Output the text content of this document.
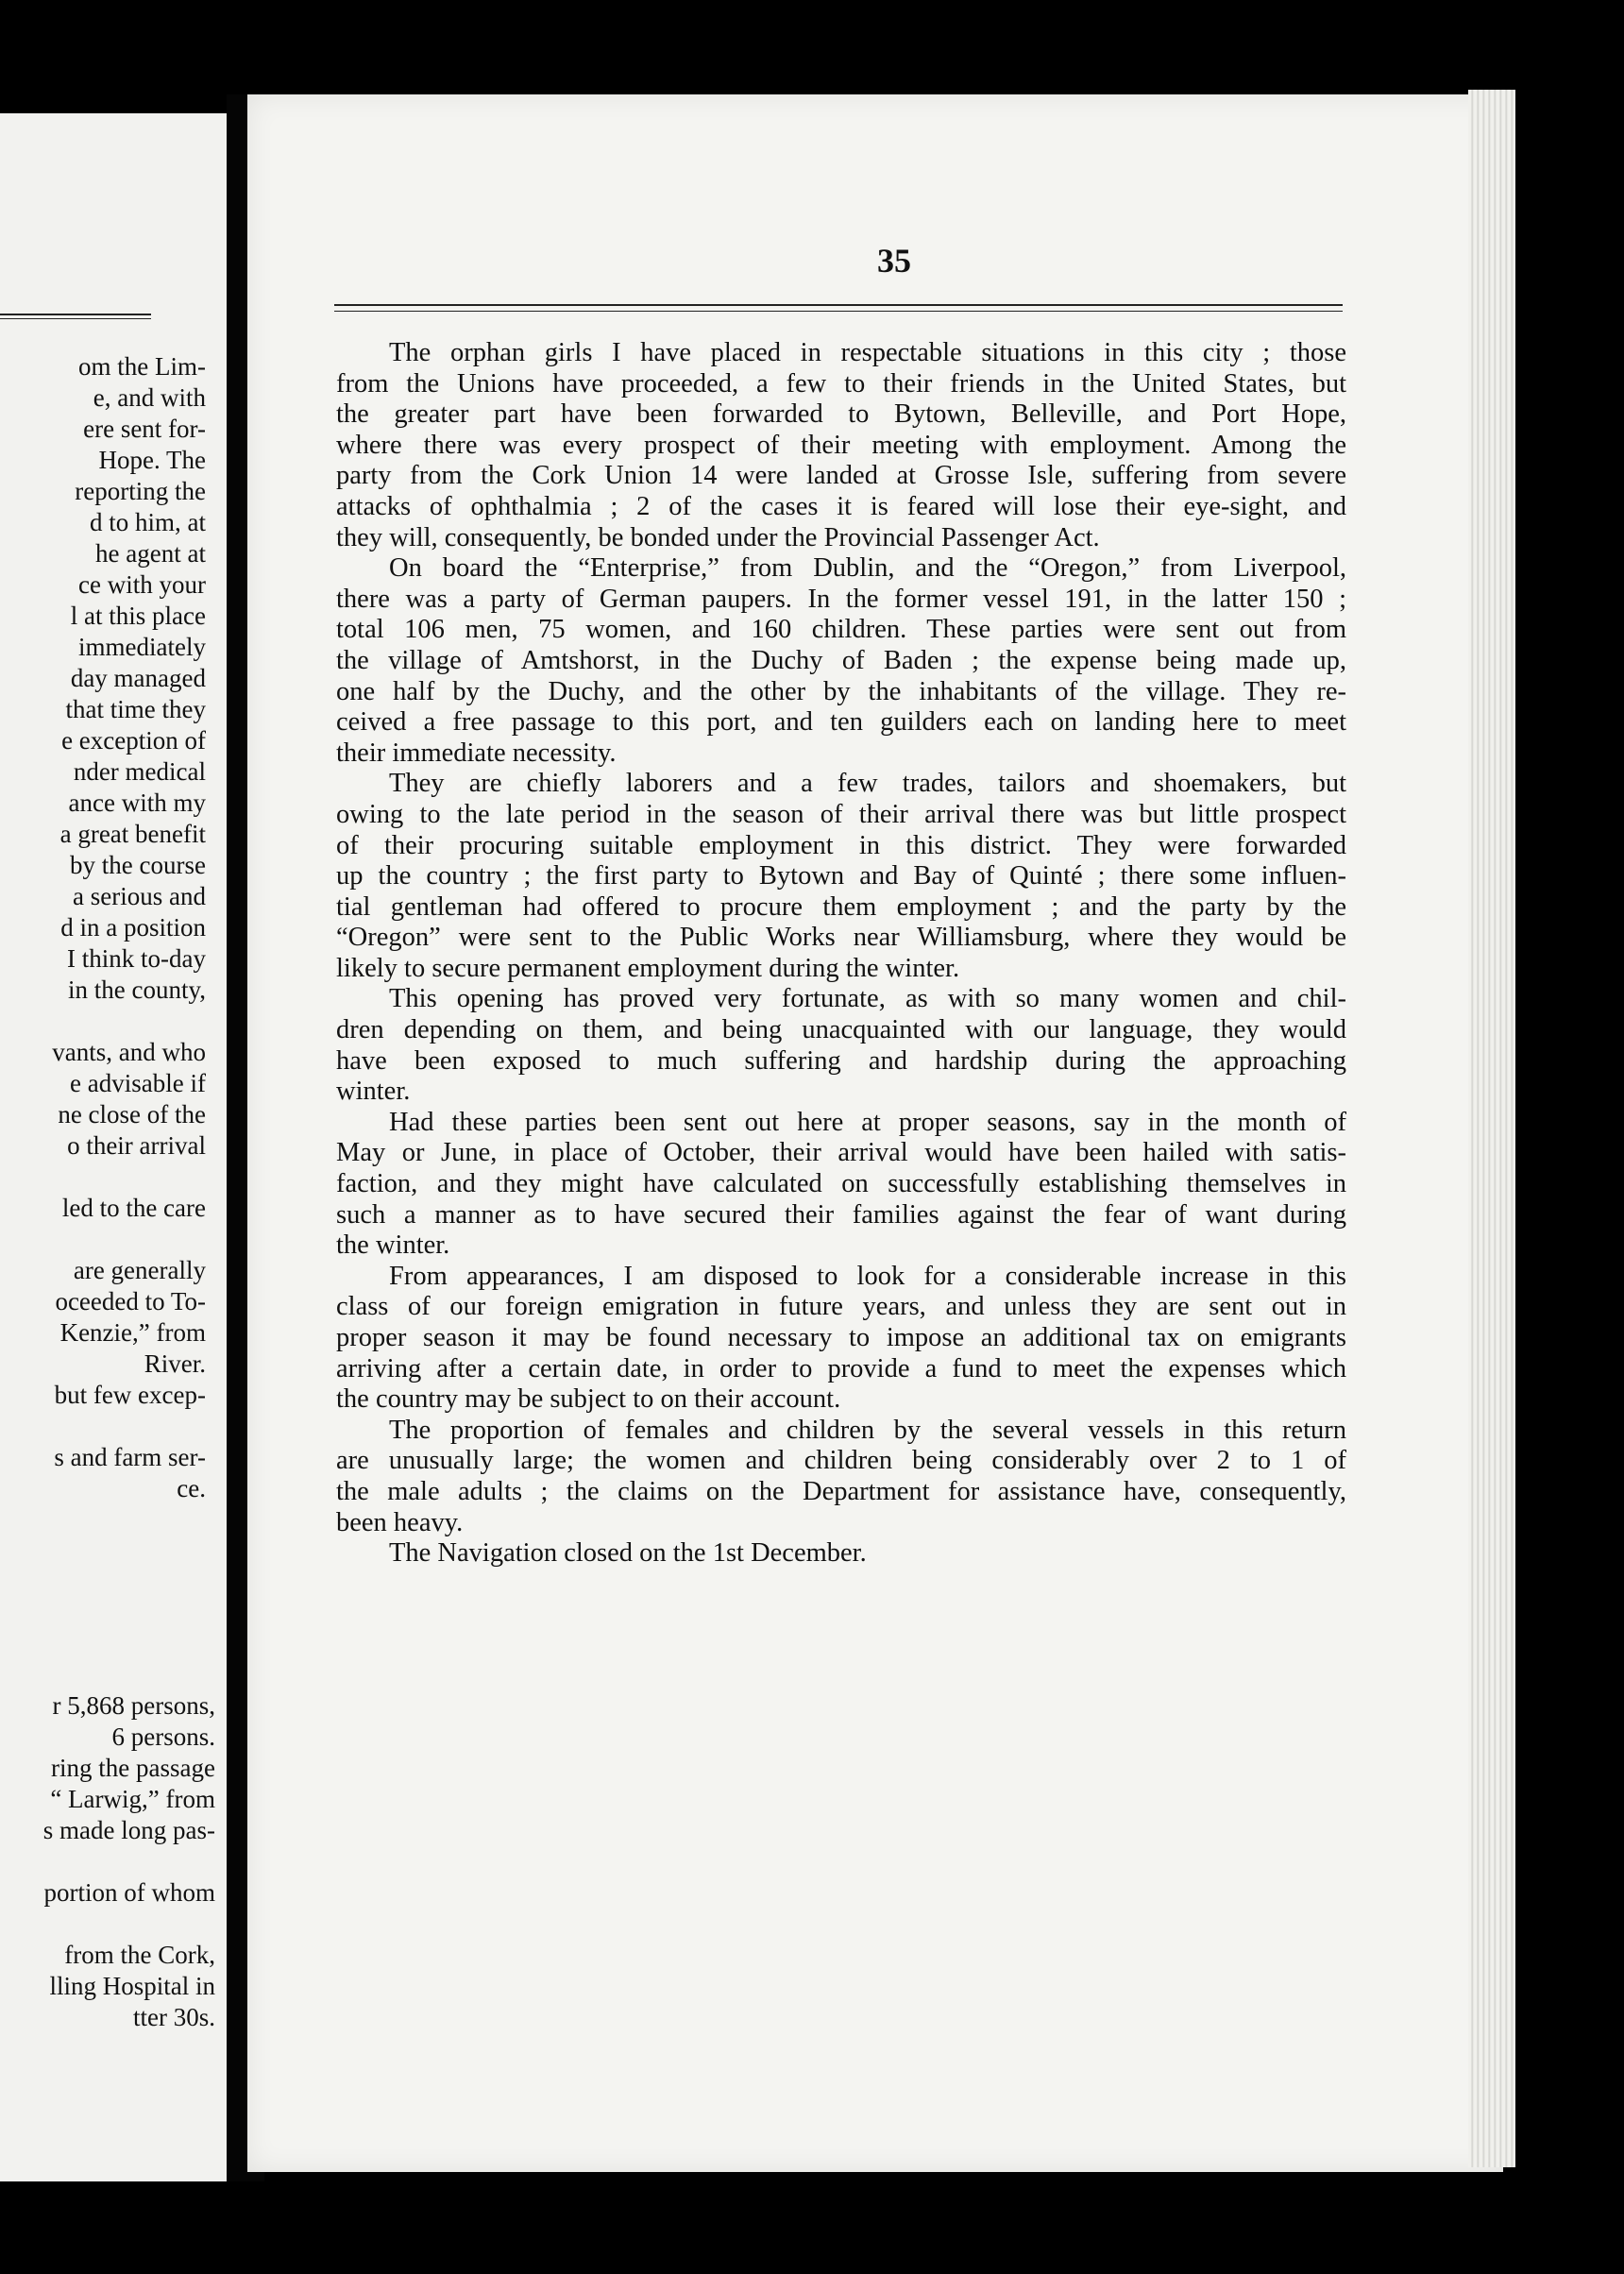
om the Lim-
e, and with
ere sent for-
Hope. The
reporting the
d to him, at
he agent at
ce with your
l at this place
immediately
day managed
that time they
e exception of
nder medical
ance with my
a great benefit
by the course
a serious and
d in a position
I think to-day
in the county,
vants, and who
e advisable if
ne close of the
o their arrival
led to the care
are generally
oceeded to To-
Kenzie,” from
River.
but few excep-
s and farm ser-
ce.
r 5,868 persons,
6 persons.
ring the passage
“ Larwig,” from
s made long pas-
portion of whom
from the Cork,
lling Hospital in
tter 30s.
35
The orphan girls I have placed in respectable situations in this city ; those
from the Unions have proceeded, a few to their friends in the United States, but
the greater part have been forwarded to Bytown, Belleville, and Port Hope,
where there was every prospect of their meeting with employment. Among the
party from the Cork Union 14 were landed at Grosse Isle, suffering from severe
attacks of ophthalmia ; 2 of the cases it is feared will lose their eye-sight, and
they will, consequently, be bonded under the Provincial Passenger Act.
On board the “Enterprise,” from Dublin, and the “Oregon,” from Liverpool,
there was a party of German paupers. In the former vessel 191, in the latter 150 ;
total 106 men, 75 women, and 160 children. These parties were sent out from
the village of Amtshorst, in the Duchy of Baden ; the expense being made up,
one half by the Duchy, and the other by the inhabitants of the village. They re-
ceived a free passage to this port, and ten guilders each on landing here to meet
their immediate necessity.
They are chiefly laborers and a few trades, tailors and shoemakers, but
owing to the late period in the season of their arrival there was but little prospect
of their procuring suitable employment in this district. They were forwarded
up the country ; the first party to Bytown and Bay of Quinté ; there some influen-
tial gentleman had offered to procure them employment ; and the party by the
“Oregon” were sent to the Public Works near Williamsburg, where they would be
likely to secure permanent employment during the winter.
This opening has proved very fortunate, as with so many women and chil-
dren depending on them, and being unacquainted with our language, they would
have been exposed to much suffering and hardship during the approaching
winter.
Had these parties been sent out here at proper seasons, say in the month of
May or June, in place of October, their arrival would have been hailed with satis-
faction, and they might have calculated on successfully establishing themselves in
such a manner as to have secured their families against the fear of want during
the winter.
From appearances, I am disposed to look for a considerable increase in this
class of our foreign emigration in future years, and unless they are sent out in
proper season it may be found necessary to impose an additional tax on emigrants
arriving after a certain date, in order to provide a fund to meet the expenses which
the country may be subject to on their account.
The proportion of females and children by the several vessels in this return
are unusually large; the women and children being considerably over 2 to 1 of
the male adults ; the claims on the Department for assistance have, consequently,
been heavy.
The Navigation closed on the 1st December.
